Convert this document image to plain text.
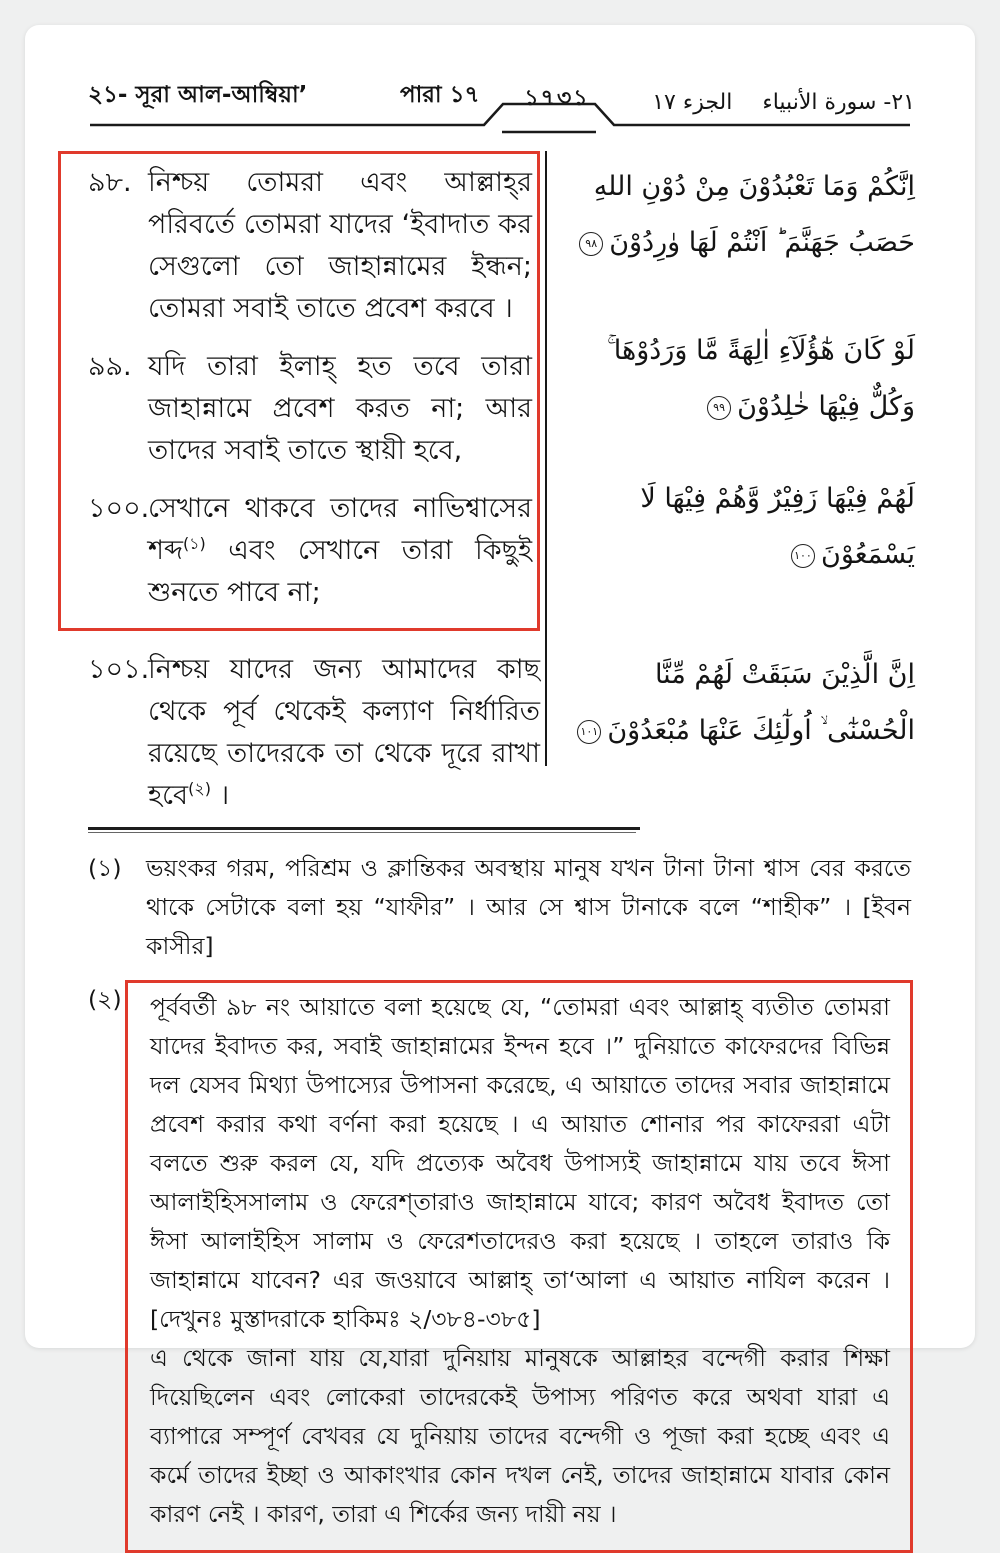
২১- সূরা আল-আম্বিয়া’	পারা ১৭	১৭৩১	٢١- سورة الأنبياء
الجزء ١٧
৯৮. নিশ্চয় তোমরা এবং আল্লাহ্‌র পরিবর্তে তোমরা যাদের ‘ইবাদাত কর সেগুলো তো জাহান্নামের ইন্ধন; তোমরা সবাই তাতে প্রবেশ করবে ।
৯৯. যদি তারা ইলাহ্‌ হত তবে তারা জাহান্নামে প্রবেশ করত না; আর তাদের সবাই তাতে স্থায়ী হবে,
১০০.
সেখানে থাকবে তাদের নাভিশ্বাসের শব্দ$^{(১)}$ এবং সেখানে তারা কিছুই শুনতে পাবে না;
১০১.
নিশ্চয় যাদের জন্য আমাদের কাছ থেকে পূর্ব থেকেই কল্যাণ নির্ধারিত রয়েছে তাদেরকে তা থেকে দূরে রাখা হবে$^{(২)}$ ।

اِنَّكُمْ وَمَا تَعْبُدُوْنَ مِنْ دُوْنِ اللهِ حَصَبُ جَهَنَّمَ ؕ اَنْتُمْ لَهَا وٰرِدُوْنَ٩٨

لَوْ كَانَ هٰٓؤُلَآءِ اٰلِهَةً مَّا وَرَدُوْهَا ۚ وَكُلٌّ فِيْهَا خٰلِدُوْنَ٩٩

لَهُمْ فِيْهَا زَفِيْرٌ وَّهُمْ فِيْهَا لَا يَسْمَعُوْنَ١٠٠

اِنَّ الَّذِيْنَ سَبَقَتْ لَهُمْ مِّنَّا الْحُسْنٰٓى ۙ اُولٰٓئِكَ عَنْهَا مُبْعَدُوْنَ١٠١

(১)	ভয়ংকর গরম, পরিশ্রম ও ক্লান্তিকর অবস্থায় মানুষ যখন টানা টানা শ্বাস বের করতে থাকে সেটাকে বলা হয় “যাফীর” । আর সে শ্বাস টানাকে বলে “শাহীক” । [ইবন কাসীর]
(২) পূর্ববর্তী ৯৮ নং আয়াতে বলা হয়েছে যে, “তোমরা এবং আল্লাহ্‌ ব্যতীত তোমরা যাদের ইবাদত কর, সবাই জাহান্নামের ইন্দন হবে ।” দুনিয়াতে কাফেরদের বিভিন্ন দল যেসব মিথ্যা উপাস্যের উপাসনা করেছে, এ আয়াতে তাদের সবার জাহান্নামে প্রবেশ করার কথা বর্ণনা করা হয়েছে । এ আয়াত শোনার পর কাফেররা এটা বলতে শুরু করল যে, যদি প্রত্যেক অবৈধ উপাস্যই জাহান্নামে যায় তবে ঈসা আলাইহিসসালাম ও ফেরেশ্‌তারাও জাহান্নামে যাবে; কারণ অবৈধ ইবাদত তো ঈসা আলাইহিস সালাম ও ফেরেশতাদেরও করা হয়েছে । তাহলে তারাও কি জাহান্নামে যাবেন? এর জওয়াবে আল্লাহ্‌ তা‘আলা এ আয়াত নাযিল করেন । [দেখুনঃ মুস্তাদরাকে হাকিমঃ ২/৩৮৪-৩৮৫]

এ থেকে জানা যায় যে,যারা দুনিয়ায় মানুষকে আল্লাহর বন্দেগী করার শিক্ষা দিয়েছিলেন এবং লোকেরা তাদেরকেই উপাস্য পরিণত করে অথবা যারা এ ব্যাপারে সম্পূর্ণ বেখবর যে দুনিয়ায় তাদের বন্দেগী ও পূজা করা হচ্ছে এবং এ কর্মে তাদের ইচ্ছা ও আকাংখার কোন দখল নেই, তাদের জাহান্নামে যাবার কোন কারণ নেই । কারণ, তারা এ শির্কের জন্য দায়ী নয় ।
